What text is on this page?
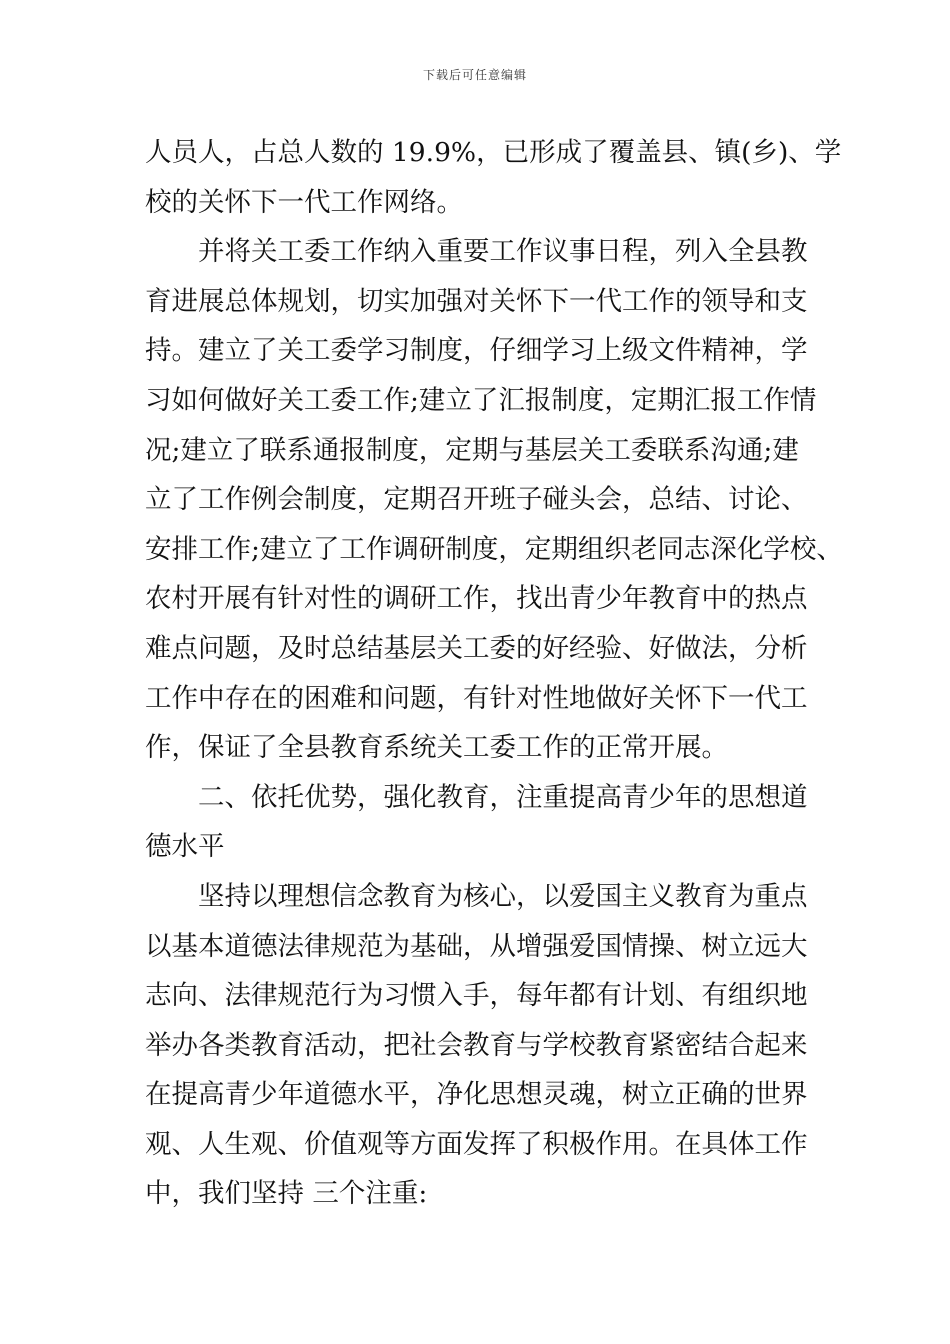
下载后可任意编辑
人员人，占总人数的 19.9%，已形成了覆盖县、镇(乡)、学
校的关怀下一代工作网络。
　　并将关工委工作纳入重要工作议事日程，列入全县教
育进展总体规划，切实加强对关怀下一代工作的领导和支
持。建立了关工委学习制度，仔细学习上级文件精神，学
习如何做好关工委工作;建立了汇报制度，定期汇报工作情
况;建立了联系通报制度，定期与基层关工委联系沟通;建
立了工作例会制度，定期召开班子碰头会，总结、讨论、
安排工作;建立了工作调研制度，定期组织老同志深化学校、
农村开展有针对性的调研工作，找出青少年教育中的热点
难点问题，及时总结基层关工委的好经验、好做法，分析
工作中存在的困难和问题，有针对性地做好关怀下一代工
作，保证了全县教育系统关工委工作的正常开展。
　　二、依托优势，强化教育，注重提高青少年的思想道
德水平
　　坚持以理想信念教育为核心，以爱国主义教育为重点
以基本道德法律规范为基础，从增强爱国情操、树立远大
志向、法律规范行为习惯入手，每年都有计划、有组织地
举办各类教育活动，把社会教育与学校教育紧密结合起来
在提高青少年道德水平，净化思想灵魂，树立正确的世界
观、人生观、价值观等方面发挥了积极作用。在具体工作
中，我们坚持 三个注重:
